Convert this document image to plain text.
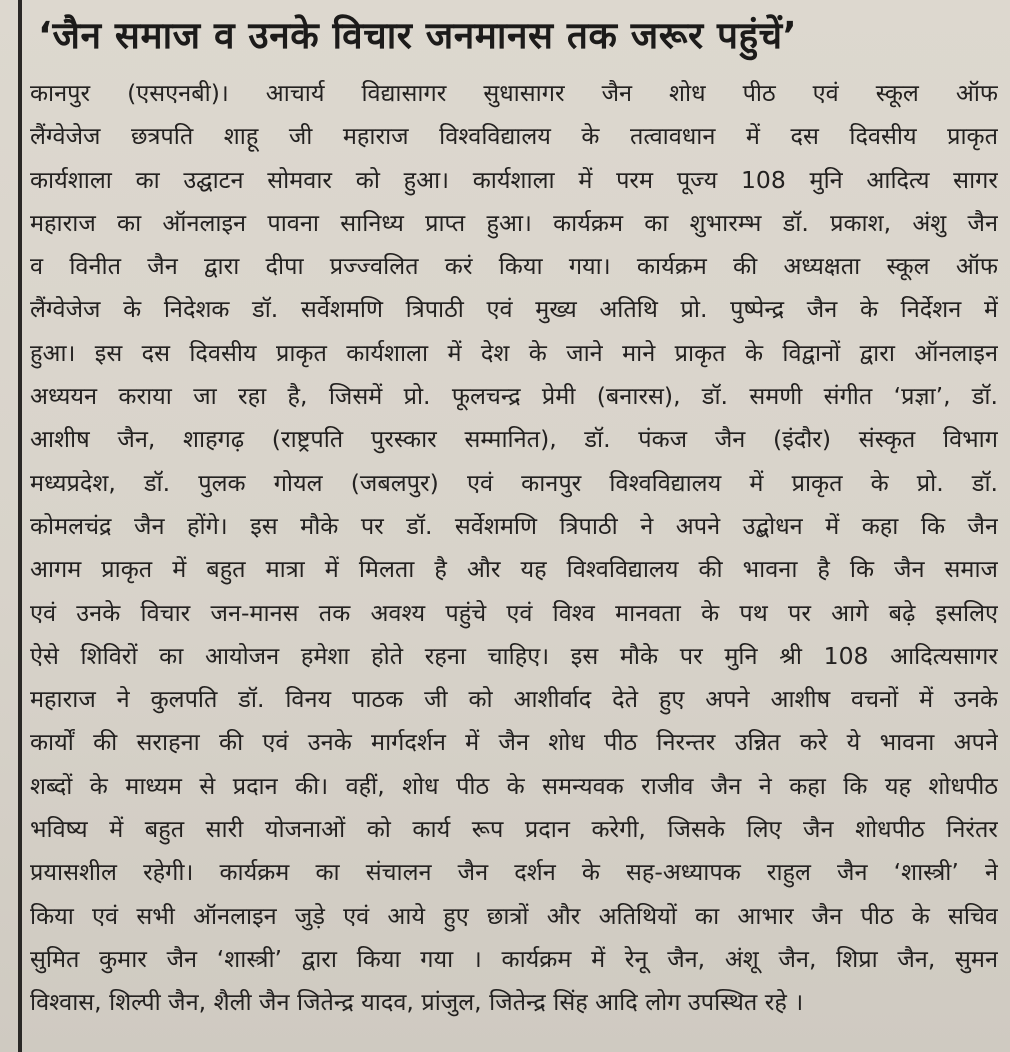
‘जैन समाज व उनके विचार जनमानस तक जरूर पहुंचें’
कानपुर (एसएनबी)। आचार्य विद्यासागर सुधासागर जैन शोध पीठ एवं स्कूल ऑफ
लैंग्वेजेज छत्रपति शाहू जी महाराज विश्वविद्यालय के तत्वावधान में दस दिवसीय प्राकृत
कार्यशाला का उद्घाटन सोमवार को हुआ। कार्यशाला में परम पूज्य 108 मुनि आदित्य सागर
महाराज का ऑनलाइन पावना सानिध्य प्राप्त हुआ। कार्यक्रम का शुभारम्भ डॉ. प्रकाश, अंशु जैन
व विनीत जैन द्वारा दीपा प्रज्ज्वलित करं किया गया। कार्यक्रम की अध्यक्षता स्कूल ऑफ
लैंग्वेजेज के निदेशक डॉ. सर्वेशमणि त्रिपाठी एवं मुख्य अतिथि प्रो. पुष्पेन्द्र जैन के निर्देशन में
हुआ। इस दस दिवसीय प्राकृत कार्यशाला में देश के जाने माने प्राकृत के विद्वानों द्वारा ऑनलाइन
अध्ययन कराया जा रहा है, जिसमें प्रो. फूलचन्द्र प्रेमी (बनारस), डॉ. समणी संगीत ‘प्रज्ञा’, डॉ.
आशीष जैन, शाहगढ़ (राष्ट्रपति पुरस्कार सम्मानित), डॉ. पंकज जैन (इंदौर) संस्कृत विभाग
मध्यप्रदेश, डॉ. पुलक गोयल (जबलपुर) एवं कानपुर विश्वविद्यालय में प्राकृत के प्रो. डॉ.
कोमलचंद्र जैन होंगे। इस मौके पर डॉ. सर्वेशमणि त्रिपाठी ने अपने उद्बोधन में कहा कि जैन
आगम प्राकृत में बहुत मात्रा में मिलता है और यह विश्वविद्यालय की भावना है कि जैन समाज
एवं उनके विचार जन-मानस तक अवश्य पहुंचे एवं विश्व मानवता के पथ पर आगे बढ़े इसलिए
ऐसे शिविरों का आयोजन हमेशा होते रहना चाहिए। इस मौके पर मुनि श्री 108 आदित्यसागर
महाराज ने कुलपति डॉ. विनय पाठक जी को आशीर्वाद देते हुए अपने आशीष वचनों में उनके
कार्यों की सराहना की एवं उनके मार्गदर्शन में जैन शोध पीठ निरन्तर उन्नित करे ये भावना अपने
शब्दों के माध्यम से प्रदान की। वहीं, शोध पीठ के समन्यवक राजीव जैन ने कहा कि यह शोधपीठ
भविष्य में बहुत सारी योजनाओं को कार्य रूप प्रदान करेगी, जिसके लिए जैन शोधपीठ निरंतर
प्रयासशील रहेगी। कार्यक्रम का संचालन जैन दर्शन के सह-अध्यापक राहुल जैन ‘शास्त्री’ ने
किया एवं सभी ऑनलाइन जुड़े एवं आये हुए छात्रों और अतिथियों का आभार जैन पीठ के सचिव
सुमित कुमार जैन ‘शास्त्री’ द्वारा किया गया । कार्यक्रम में रेनू जैन, अंशू जैन, शिप्रा जैन, सुमन
विश्वास, शिल्पी जैन, शैली जैन जितेन्द्र यादव, प्रांजुल, जितेन्द्र सिंह आदि लोग उपस्थित रहे ।
